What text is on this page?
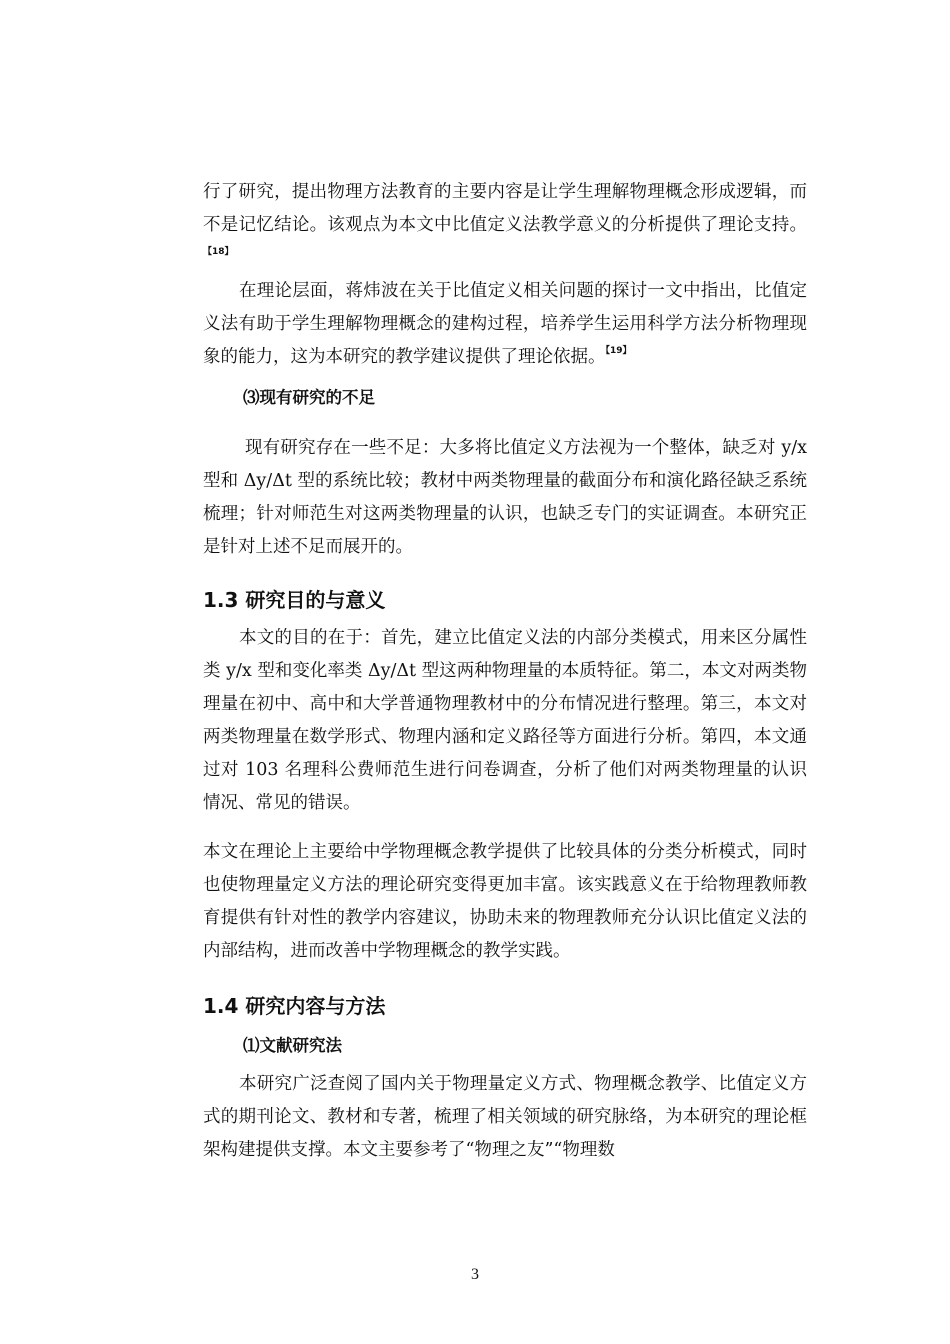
行了研究，提出物理方法教育的主要内容是让学生理解物理概念形成逻辑，而不是记忆结论。该观点为本文中比值定义法教学意义的分析提供了理论支持。$^{【18】}$

在理论层面，蒋炜波在关于比值定义相关问题的探讨一文中指出，比值定义法有助于学生理解物理概念的建构过程，培养学生运用科学方法分析物理现象的能力，这为本研究的教学建议提供了理论依据。$^{【19】}$

⑶现有研究的不足

现有研究存在一些不足：大多将比值定义方法视为一个整体，缺乏对 y/x 型和 Δy/Δt 型的系统比较；教材中两类物理量的截面分布和演化路径缺乏系统梳理；针对师范生对这两类物理量的认识，也缺乏专门的实证调查。本研究正是针对上述不足而展开的。

1.3 研究目的与意义

本文的目的在于：首先，建立比值定义法的内部分类模式，用来区分属性类 y/x 型和变化率类 Δy/Δt 型这两种物理量的本质特征。第二，本文对两类物理量在初中、高中和大学普通物理教材中的分布情况进行整理。第三，本文对两类物理量在数学形式、物理内涵和定义路径等方面进行分析。第四，本文通过对 103 名理科公费师范生进行问卷调查，分析了他们对两类物理量的认识情况、常见的错误。

本文在理论上主要给中学物理概念教学提供了比较具体的分类分析模式，同时也使物理量定义方法的理论研究变得更加丰富。该实践意义在于给物理教师教育提供有针对性的教学内容建议，协助未来的物理教师充分认识比值定义法的内部结构，进而改善中学物理概念的教学实践。

1.4 研究内容与方法

⑴文献研究法

本研究广泛查阅了国内关于物理量定义方式、物理概念教学、比值定义方式的期刊论文、教材和专著，梳理了相关领域的研究脉络，为本研究的理论框架构建提供支撑。本文主要参考了“物理之友”“物理数

3
